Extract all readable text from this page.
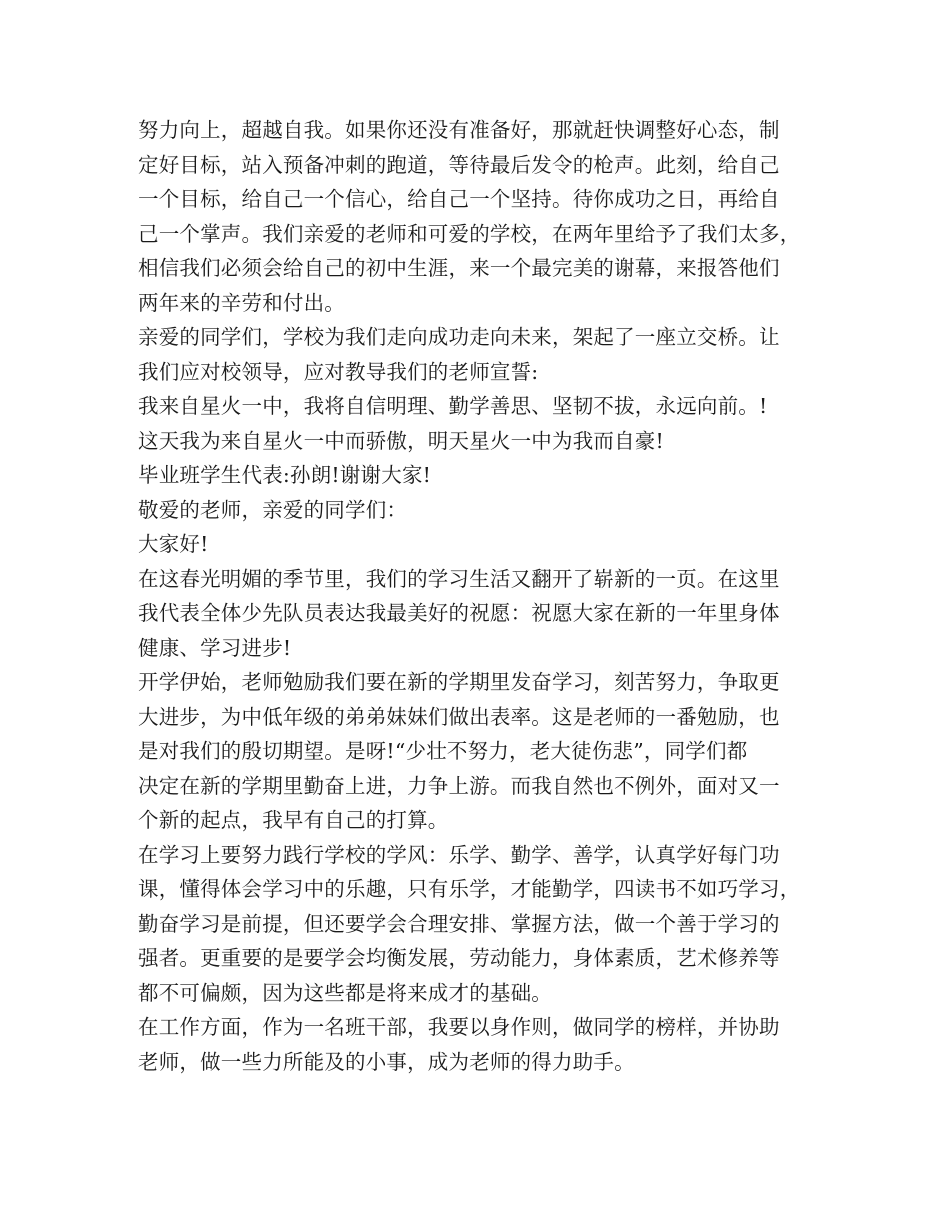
努力向上，超越自我。如果你还没有准备好，那就赶快调整好心态，制
定好目标，站入预备冲刺的跑道，等待最后发令的枪声。此刻，给自己
一个目标，给自己一个信心，给自己一个坚持。待你成功之日，再给自
己一个掌声。我们亲爱的老师和可爱的学校，在两年里给予了我们太多，
相信我们必须会给自己的初中生涯，来一个最完美的谢幕，来报答他们
两年来的辛劳和付出。
亲爱的同学们，学校为我们走向成功走向未来，架起了一座立交桥。让
我们应对校领导，应对教导我们的老师宣誓:
我来自星火一中，我将自信明理、勤学善思、坚韧不拔，永远向前。!
这天我为来自星火一中而骄傲，明天星火一中为我而自豪!
毕业班学生代表:孙朗!谢谢大家!
敬爱的老师，亲爱的同学们：
大家好!
在这春光明媚的季节里，我们的学习生活又翻开了崭新的一页。在这里
我代表全体少先队员表达我最美好的祝愿：祝愿大家在新的一年里身体
健康、学习进步!
开学伊始，老师勉励我们要在新的学期里发奋学习，刻苦努力，争取更
大进步，为中低年级的弟弟妹妹们做出表率。这是老师的一番勉励，也
是对我们的殷切期望。是呀!“少壮不努力，老大徒伤悲”，同学们都
决定在新的学期里勤奋上进，力争上游。而我自然也不例外，面对又一
个新的起点，我早有自己的打算。
在学习上要努力践行学校的学风：乐学、勤学、善学，认真学好每门功
课，懂得体会学习中的乐趣，只有乐学，才能勤学，四读书不如巧学习，
勤奋学习是前提，但还要学会合理安排、掌握方法，做一个善于学习的
强者。更重要的是要学会均衡发展，劳动能力，身体素质，艺术修养等
都不可偏颇，因为这些都是将来成才的基础。
在工作方面，作为一名班干部，我要以身作则，做同学的榜样，并协助
老师，做一些力所能及的小事，成为老师的得力助手。
